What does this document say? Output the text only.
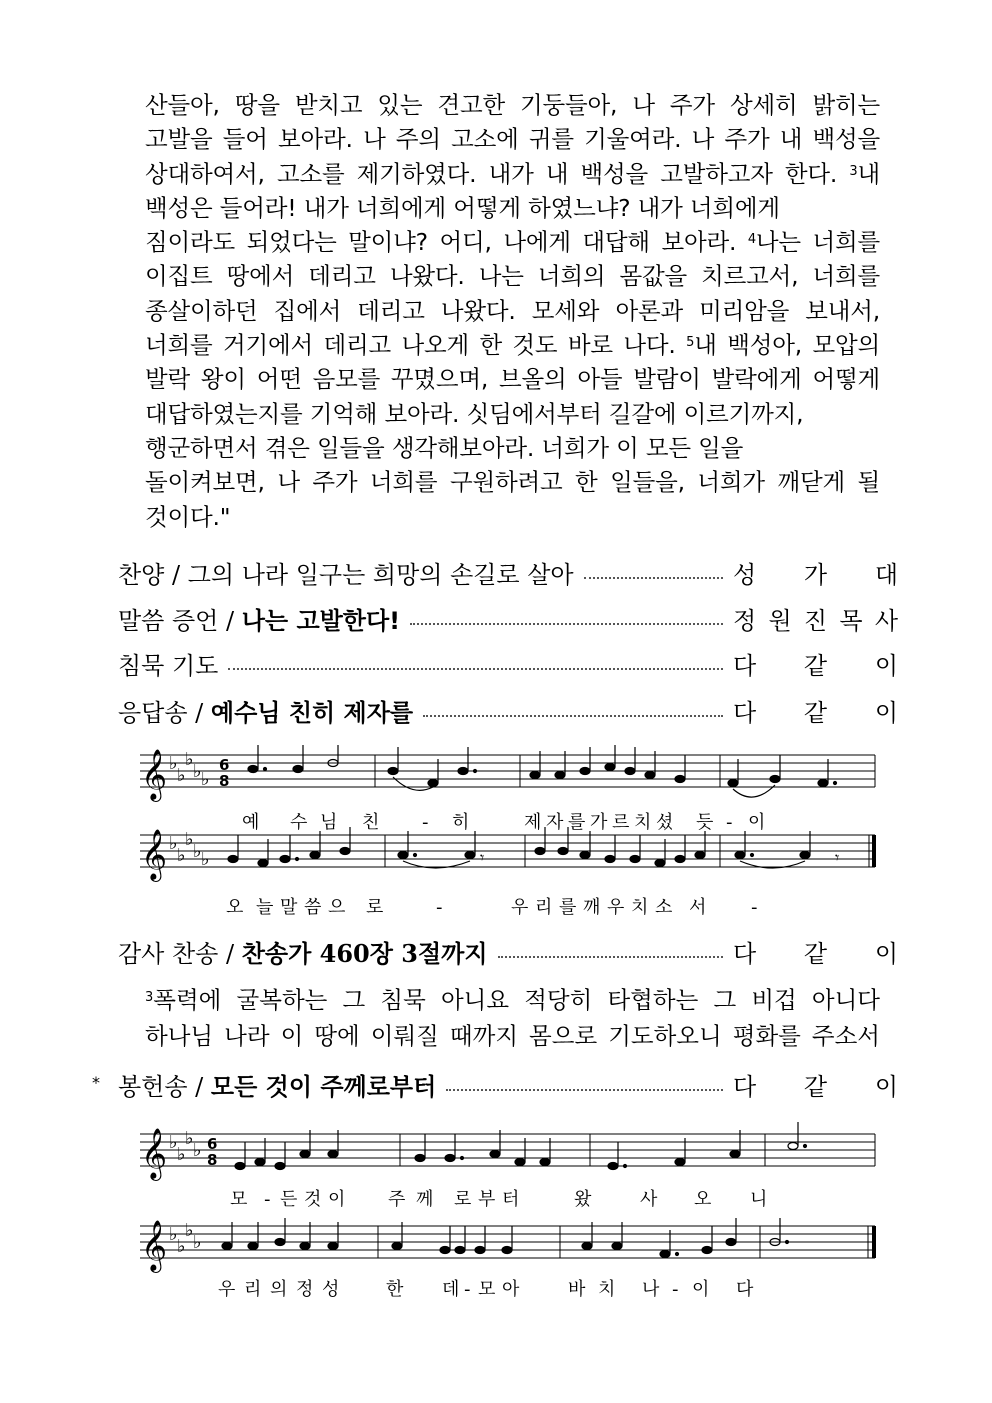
산들아, 땅을 받치고 있는 견고한 기둥들아, 나 주가 상세히 밝히는
고발을 들어 보아라. 나 주의 고소에 귀를 기울여라. 나 주가 내 백성을
상대하여서, 고소를 제기하였다. 내가 내 백성을 고발하고자 한다. $^3$내
백성은 들어라! 내가 너희에게 어떻게 하였느냐? 내가 너희에게
짐이라도 되었다는 말이냐? 어디, 나에게 대답해 보아라. $^4$나는 너희를
이집트 땅에서 데리고 나왔다. 나는 너희의 몸값을 치르고서, 너희를
종살이하던 집에서 데리고 나왔다. 모세와 아론과 미리암을 보내서,
너희를 거기에서 데리고 나오게 한 것도 바로 나다. $^5$내 백성아, 모압의
발락 왕이 어떤 음모를 꾸몄으며, 브올의 아들 발람이 발락에게 어떻게
대답하였는지를 기억해 보아라. 싯딤에서부터 길갈에 이르기까지,
행군하면서 겪은 일들을 생각해보아라. 너희가 이 모든 일을
돌이켜보면, 나 주가 너희를 구원하려고 한 일들을, 너희가 깨닫게 될
것이다."
찬양 / 그의 나라 일구는 희망의 손길로 살아	성 가 대
말씀 증언 / 나는 고발한다!	정 원 진 목 사
침묵 기도	다 같 이
응답송 / 예수님 친히 제자를	다 같 이
𝄞
𝄞
♭
♭
♭
♭ ♭
♭
♭
♭
♭ ♭
6
8
𝄾	𝄾
예 수 님 친 - 히	제 자 를 가 르 치 셨 듯 - 이
오 늘 말 씀 으 로	-	우 리 를 깨 우 치 소 서 -
감사 찬송 / 찬송가 460장 3절까지	다 같 이
$^3$폭력에 굴복하는 그 침묵 아니요 적당히 타협하는 그 비겁 아니다
하나님 나라 이 땅에 이뤄질 때까지 몸으로 기도하오니 평화를 주소서
* 봉헌송 / 모든 것이 주께로부터	다 같 이
𝄞
𝄞
♭
♭
♭
♭
♭
♭
♭
♭
6
8
모 - 든 것 이 주 께 로 부 터	왔	사 오 니
우 리 의 정 성	한 데 - 모 아	바 치 나 - 이 다
